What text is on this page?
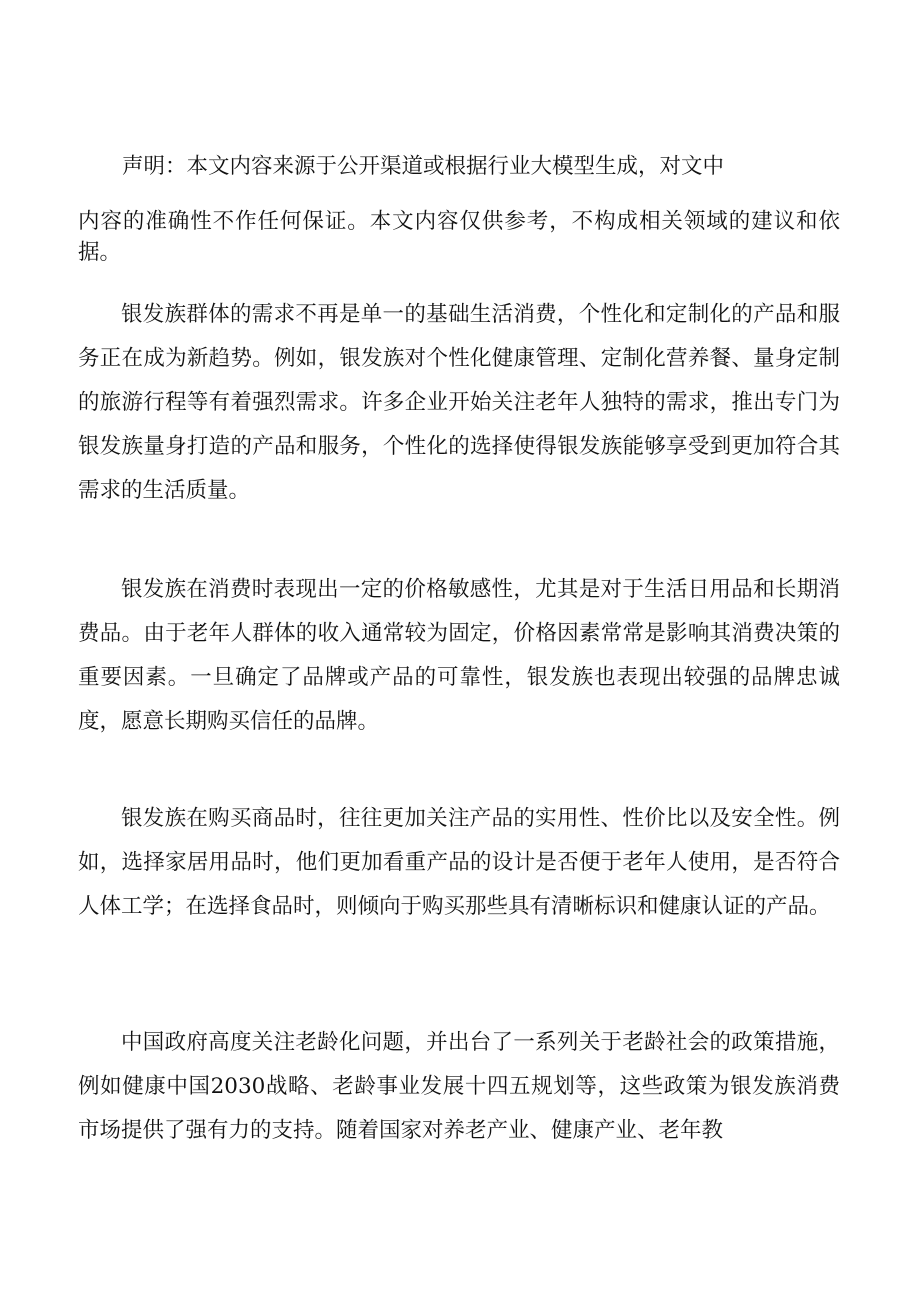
声明：本文内容来源于公开渠道或根据行业大模型生成，对文中
内容的准确性不作任何保证。本文内容仅供参考，不构成相关领域的建议和依据。

银发族群体的需求不再是单一的基础生活消费，个性化和定制化的产品和服务正在成为新趋势。例如，银发族对个性化健康管理、定制化营养餐、量身定制的旅游行程等有着强烈需求。许多企业开始关注老年人独特的需求，推出专门为银发族量身打造的产品和服务，个性化的选择使得银发族能够享受到更加符合其需求的生活质量。

银发族在消费时表现出一定的价格敏感性，尤其是对于生活日用品和长期消费品。由于老年人群体的收入通常较为固定，价格因素常常是影响其消费决策的重要因素。一旦确定了品牌或产品的可靠性，银发族也表现出较强的品牌忠诚度，愿意长期购买信任的品牌。

银发族在购买商品时，往往更加关注产品的实用性、性价比以及安全性。例如，选择家居用品时，他们更加看重产品的设计是否便于老年人使用，是否符合人体工学；在选择食品时，则倾向于购买那些具有清晰标识和健康认证的产品。

中国政府高度关注老龄化问题，并出台了一系列关于老龄社会的政策措施，例如健康中国2030战略、老龄事业发展十四五规划等，这些政策为银发族消费市场提供了强有力的支持。随着国家对养老产业、健康产业、老年教
